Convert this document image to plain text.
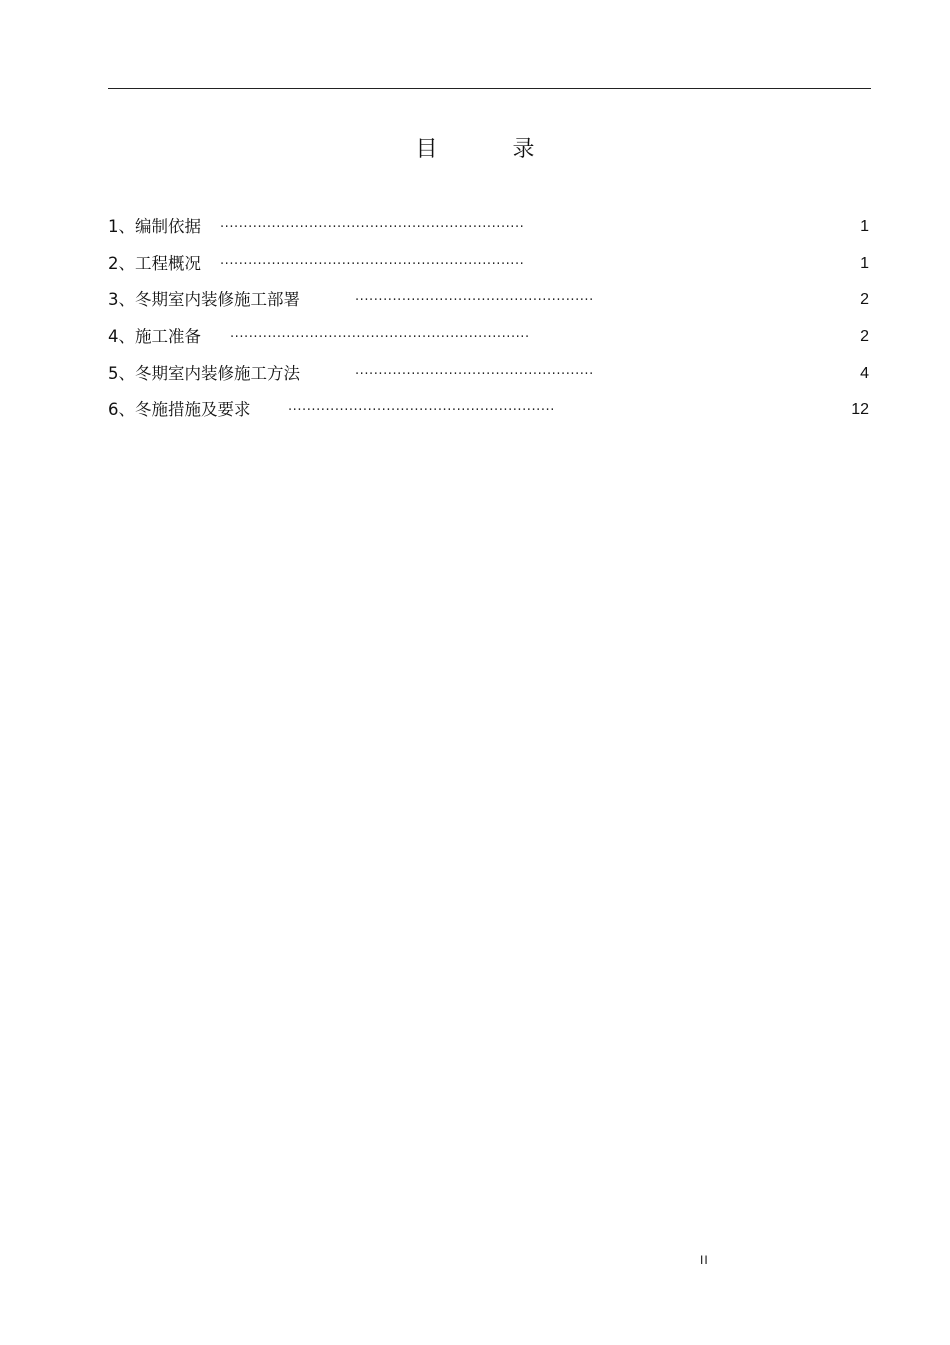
目 录
1、编制依据 .................................................................	1
2、工程概况 .................................................................	1
3、冬期室内装修施工部署	...................................................	2
4、施工准备 ................................................................	2
5、冬期室内装修施工方法	...................................................	4
6、冬施措施及要求	.........................................................	12
II
